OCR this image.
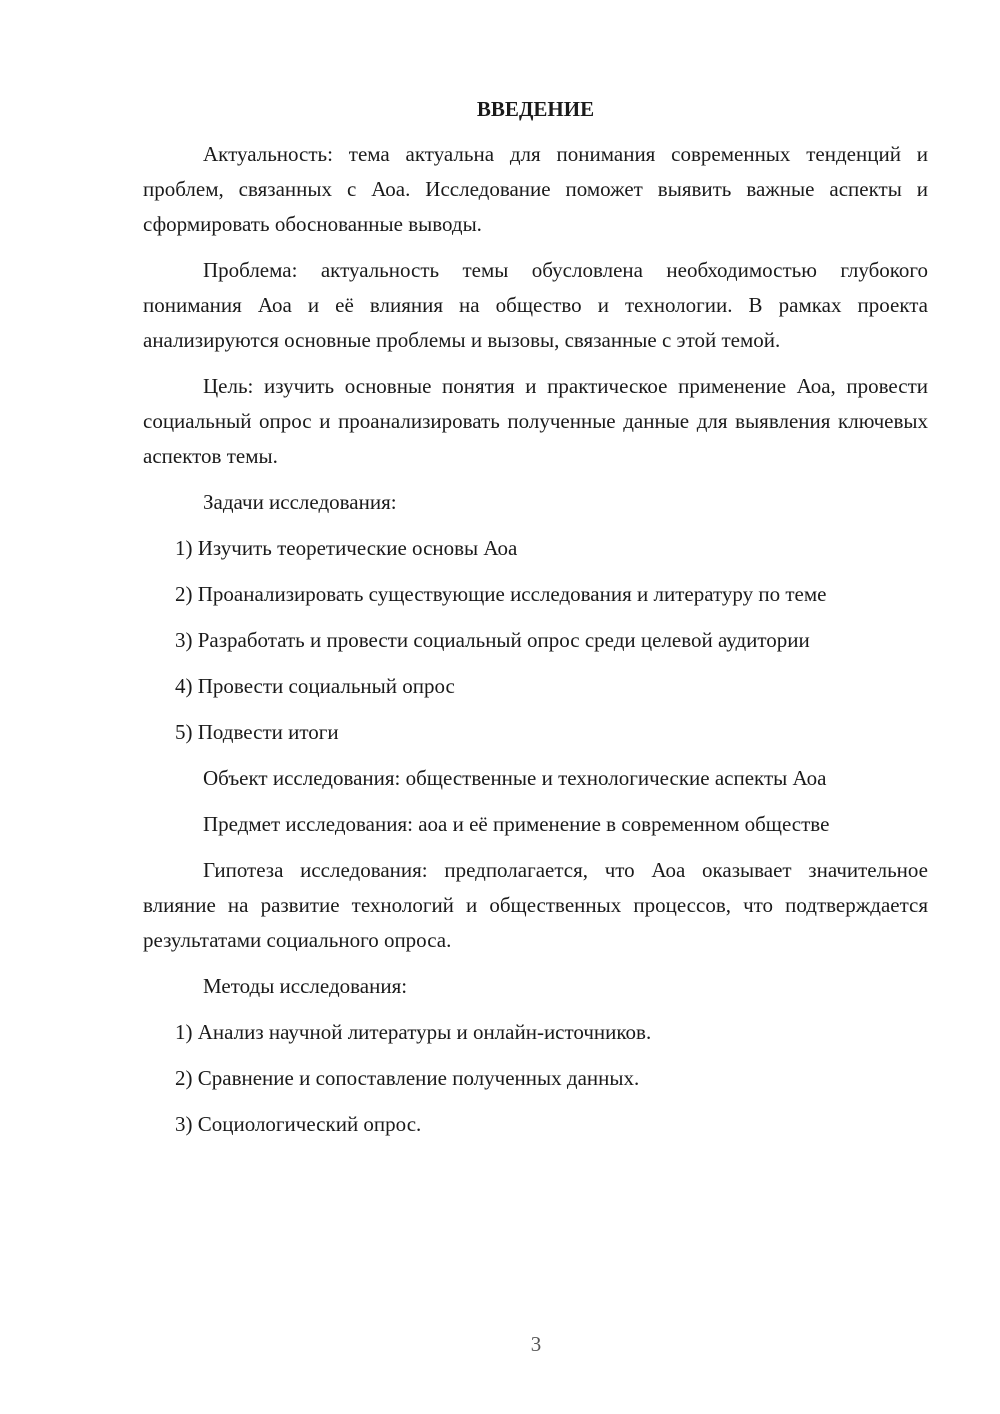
ВВЕДЕНИЕ

Актуальность: тема актуальна для понимания современных тенденций и проблем, связанных с Аоа. Исследование поможет выявить важные аспекты и сформировать обоснованные выводы.

Проблема: актуальность темы обусловлена необходимостью глубокого понимания Аоа и её влияния на общество и технологии. В рамках проекта анализируются основные проблемы и вызовы, связанные с этой темой.

Цель: изучить основные понятия и практическое применение Аоа, провести социальный опрос и проанализировать полученные данные для выявления ключевых аспектов темы.

Задачи исследования:

1) Изучить теоретические основы Аоа

2) Проанализировать существующие исследования и литературу по теме

3) Разработать и провести социальный опрос среди целевой аудитории

4) Провести социальный опрос

5) Подвести итоги

Объект исследования: общественные и технологические аспекты Аоа

Предмет исследования: аоа и её применение в современном обществе

Гипотеза исследования: предполагается, что Аоа оказывает значительное влияние на развитие технологий и общественных процессов, что подтверждается результатами социального опроса.

Методы исследования:

1) Анализ научной литературы и онлайн-источников.

2) Сравнение и сопоставление полученных данных.

3) Социологический опрос.

3
